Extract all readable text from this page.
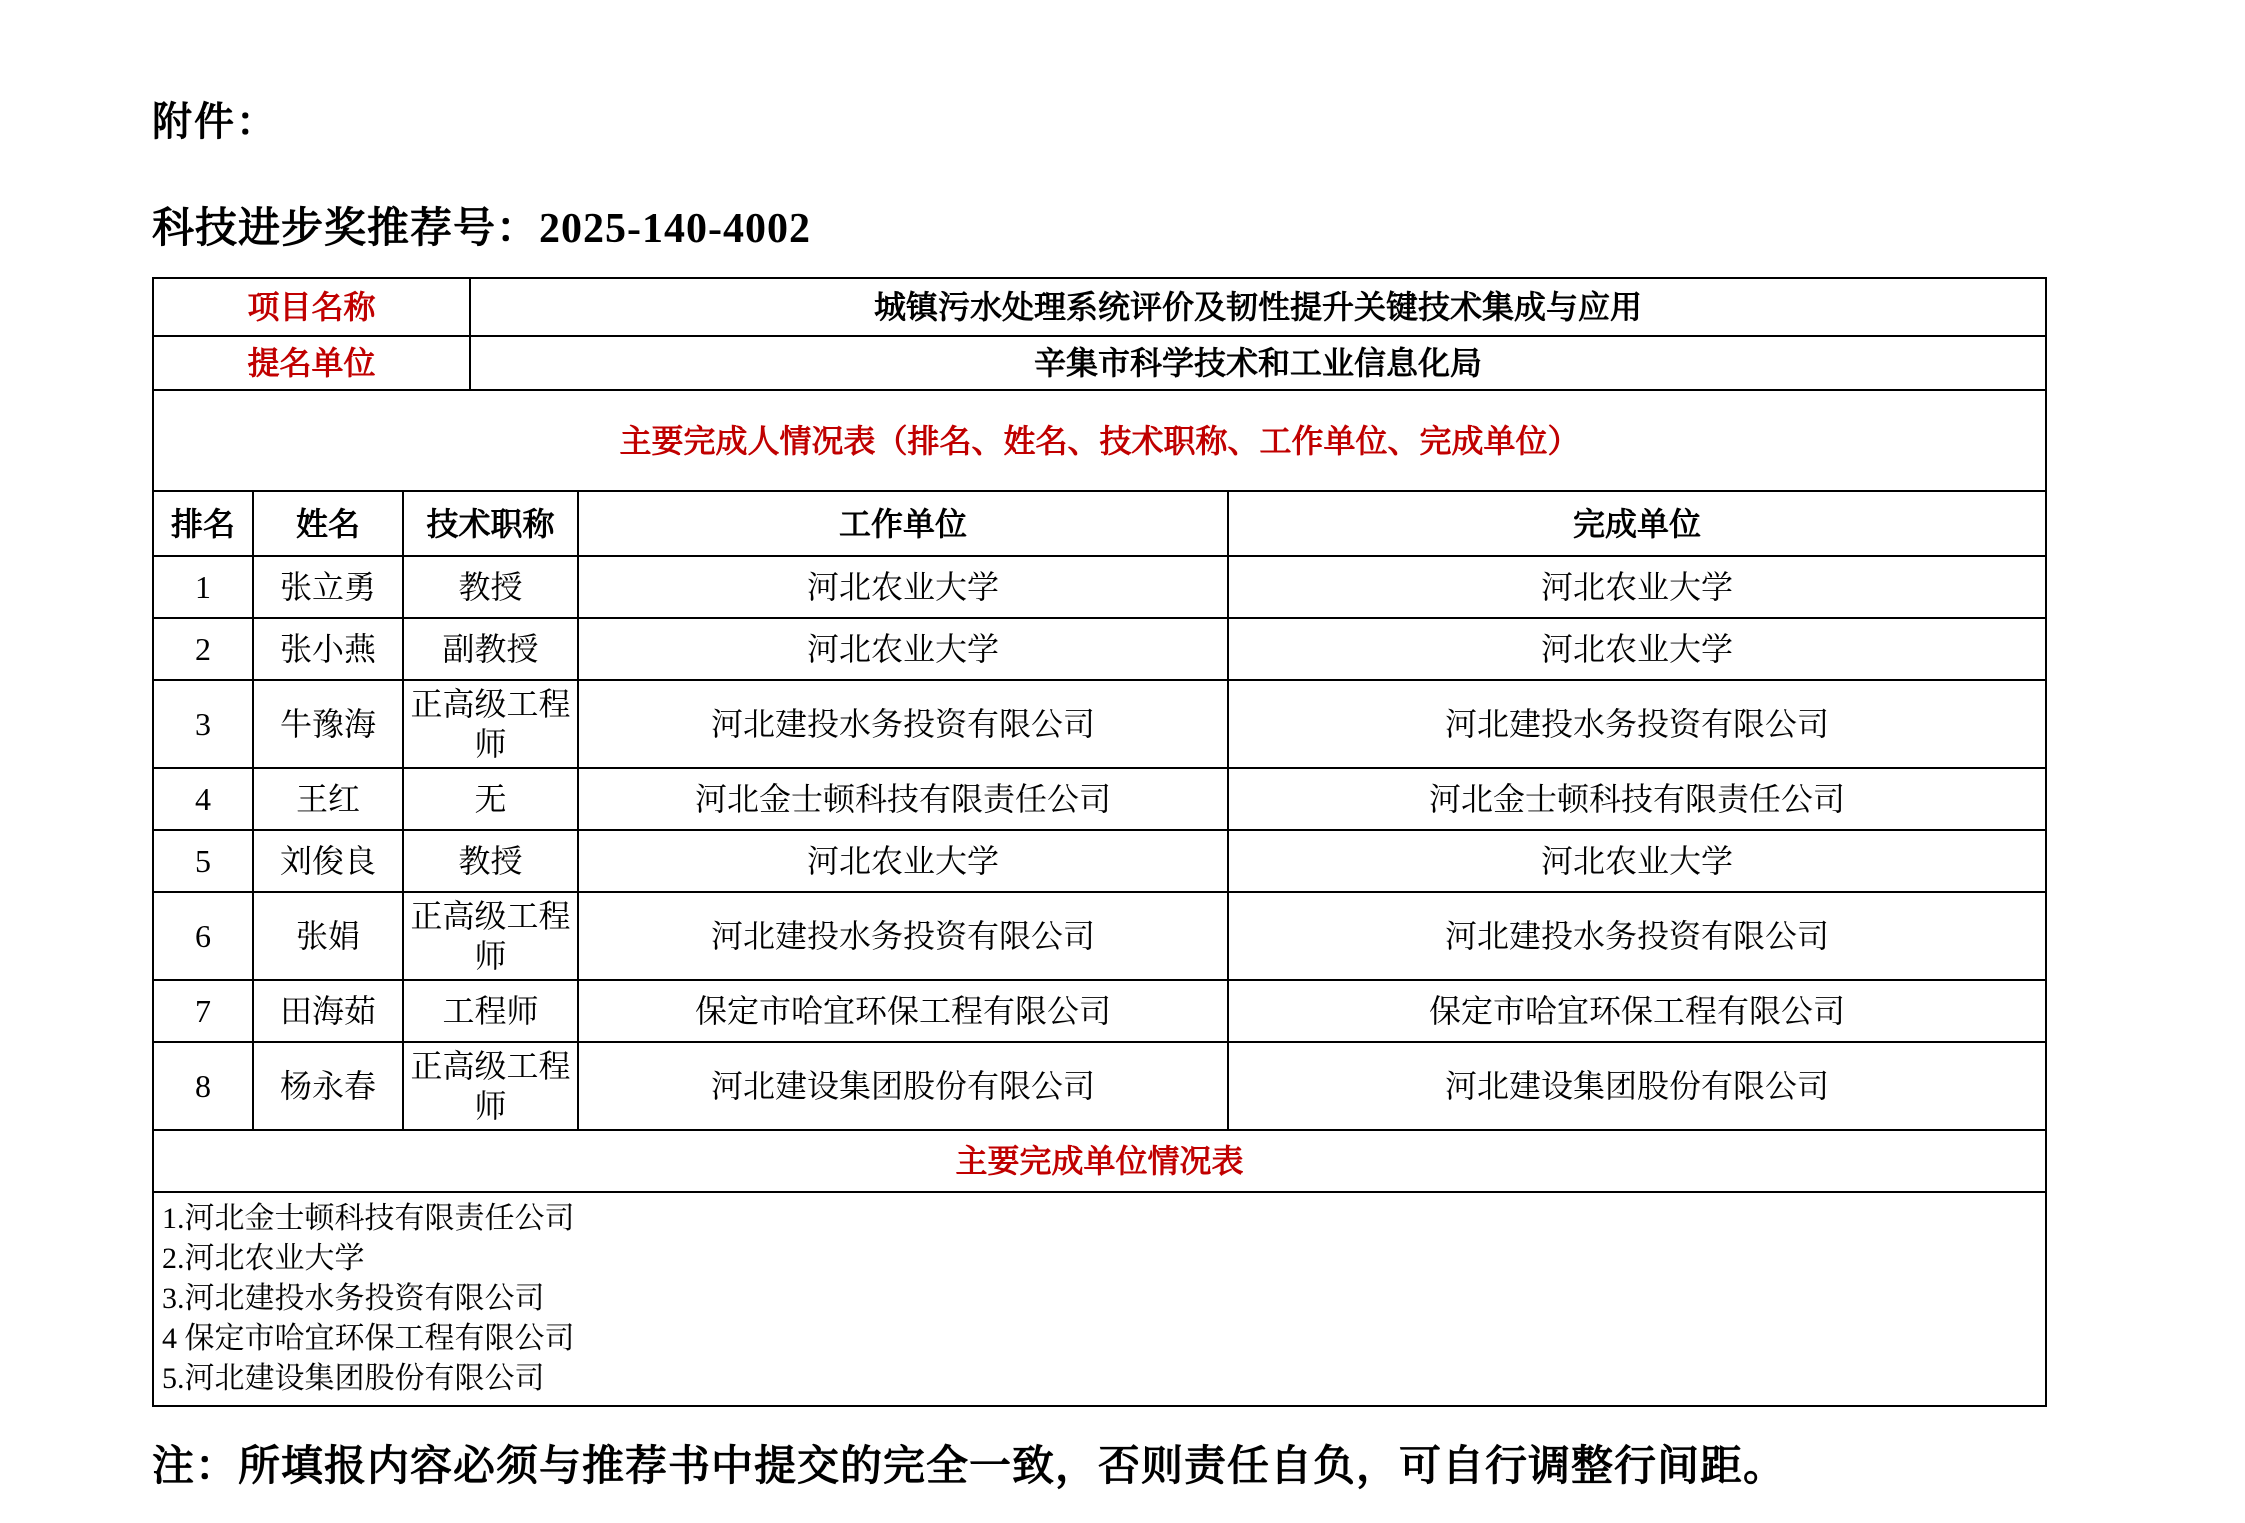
附件：
科技进步奖推荐号：2025-140-4002
项目名称	城镇污水处理系统评价及韧性提升关键技术集成与应用
提名单位	辛集市科学技术和工业信息化局
主要完成人情况表（排名、姓名、技术职称、工作单位、完成单位）				
排名	姓名	技术职称	工作单位	完成单位
1	张立勇	教授	河北农业大学	河北农业大学
2	张小燕	副教授	河北农业大学	河北农业大学
3	牛豫海	正高级工程师	河北建投水务投资有限公司	河北建投水务投资有限公司
4	王红	无	河北金士顿科技有限责任公司	河北金士顿科技有限责任公司
5	刘俊良	教授	河北农业大学	河北农业大学
6	张娟	正高级工程师	河北建投水务投资有限公司	河北建投水务投资有限公司
7	田海茹	工程师	保定市哈宜环保工程有限公司	保定市哈宜环保工程有限公司
8	杨永春	正高级工程师	河北建设集团股份有限公司	河北建设集团股份有限公司
主要完成单位情况表				

1.河北金士顿科技有限责任公司
2.河北农业大学
3.河北建投水务投资有限公司
4 保定市哈宜环保工程有限公司
5.河北建设集团股份有限公司				
注：所填报内容必须与推荐书中提交的完全一致，否则责任自负，可自行调整行间距。
